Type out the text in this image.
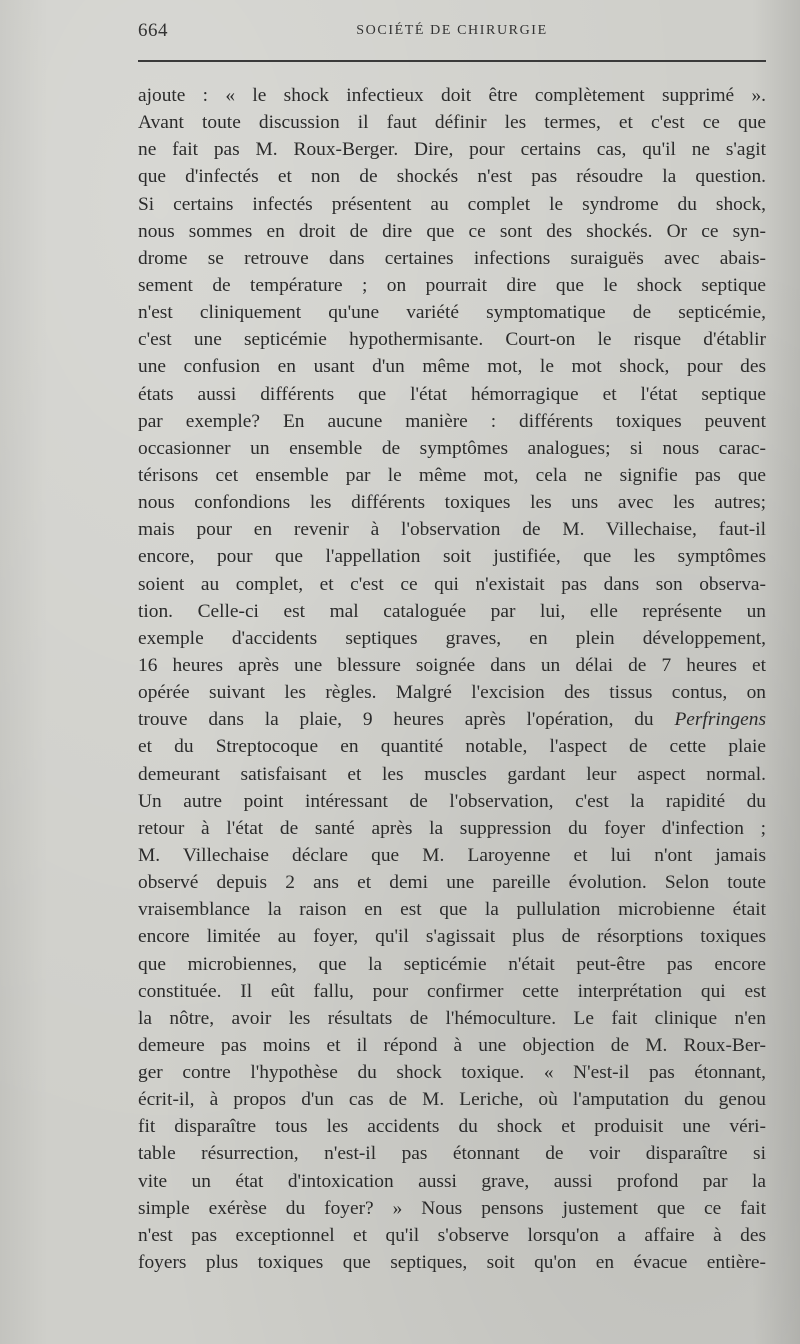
664	SOCIÉTÉ DE CHIRURGIE
ajoute : « le shock infectieux doit être complètement supprimé ».
Avant toute discussion il faut définir les termes, et c'est ce que
ne fait pas M. Roux-Berger. Dire, pour certains cas, qu'il ne s'agit
que d'infectés et non de shockés n'est pas résoudre la question.
Si certains infectés présentent au complet le syndrome du shock,
nous sommes en droit de dire que ce sont des shockés. Or ce syn-
drome se retrouve dans certaines infections suraiguës avec abais-
sement de température ; on pourrait dire que le shock septique
n'est cliniquement qu'une variété symptomatique de septicémie,
c'est une septicémie hypothermisante. Court-on le risque d'établir
une confusion en usant d'un même mot, le mot shock, pour des
états aussi différents que l'état hémorragique et l'état septique
par exemple? En aucune manière : différents toxiques peuvent
occasionner un ensemble de symptômes analogues; si nous carac-
térisons cet ensemble par le même mot, cela ne signifie pas que
nous confondions les différents toxiques les uns avec les autres;
mais pour en revenir à l'observation de M. Villechaise, faut-il
encore, pour que l'appellation soit justifiée, que les symptômes
soient au complet, et c'est ce qui n'existait pas dans son observa-
tion. Celle-ci est mal cataloguée par lui, elle représente un
exemple d'accidents septiques graves, en plein développement,
16 heures après une blessure soignée dans un délai de 7 heures et
opérée suivant les règles. Malgré l'excision des tissus contus, on
trouve dans la plaie, 9 heures après l'opération, du Perfringens
et du Streptocoque en quantité notable, l'aspect de cette plaie
demeurant satisfaisant et les muscles gardant leur aspect normal.
Un autre point intéressant de l'observation, c'est la rapidité du
retour à l'état de santé après la suppression du foyer d'infection ;
M. Villechaise déclare que M. Laroyenne et lui n'ont jamais
observé depuis 2 ans et demi une pareille évolution. Selon toute
vraisemblance la raison en est que la pullulation microbienne était
encore limitée au foyer, qu'il s'agissait plus de résorptions toxiques
que microbiennes, que la septicémie n'était peut-être pas encore
constituée. Il eût fallu, pour confirmer cette interprétation qui est
la nôtre, avoir les résultats de l'hémoculture. Le fait clinique n'en
demeure pas moins et il répond à une objection de M. Roux-Ber-
ger contre l'hypothèse du shock toxique. « N'est-il pas étonnant,
écrit-il, à propos d'un cas de M. Leriche, où l'amputation du genou
fit disparaître tous les accidents du shock et produisit une véri-
table résurrection, n'est-il pas étonnant de voir disparaître si
vite un état d'intoxication aussi grave, aussi profond par la
simple exérèse du foyer? » Nous pensons justement que ce fait
n'est pas exceptionnel et qu'il s'observe lorsqu'on a affaire à des
foyers plus toxiques que septiques, soit qu'on en évacue entière-
